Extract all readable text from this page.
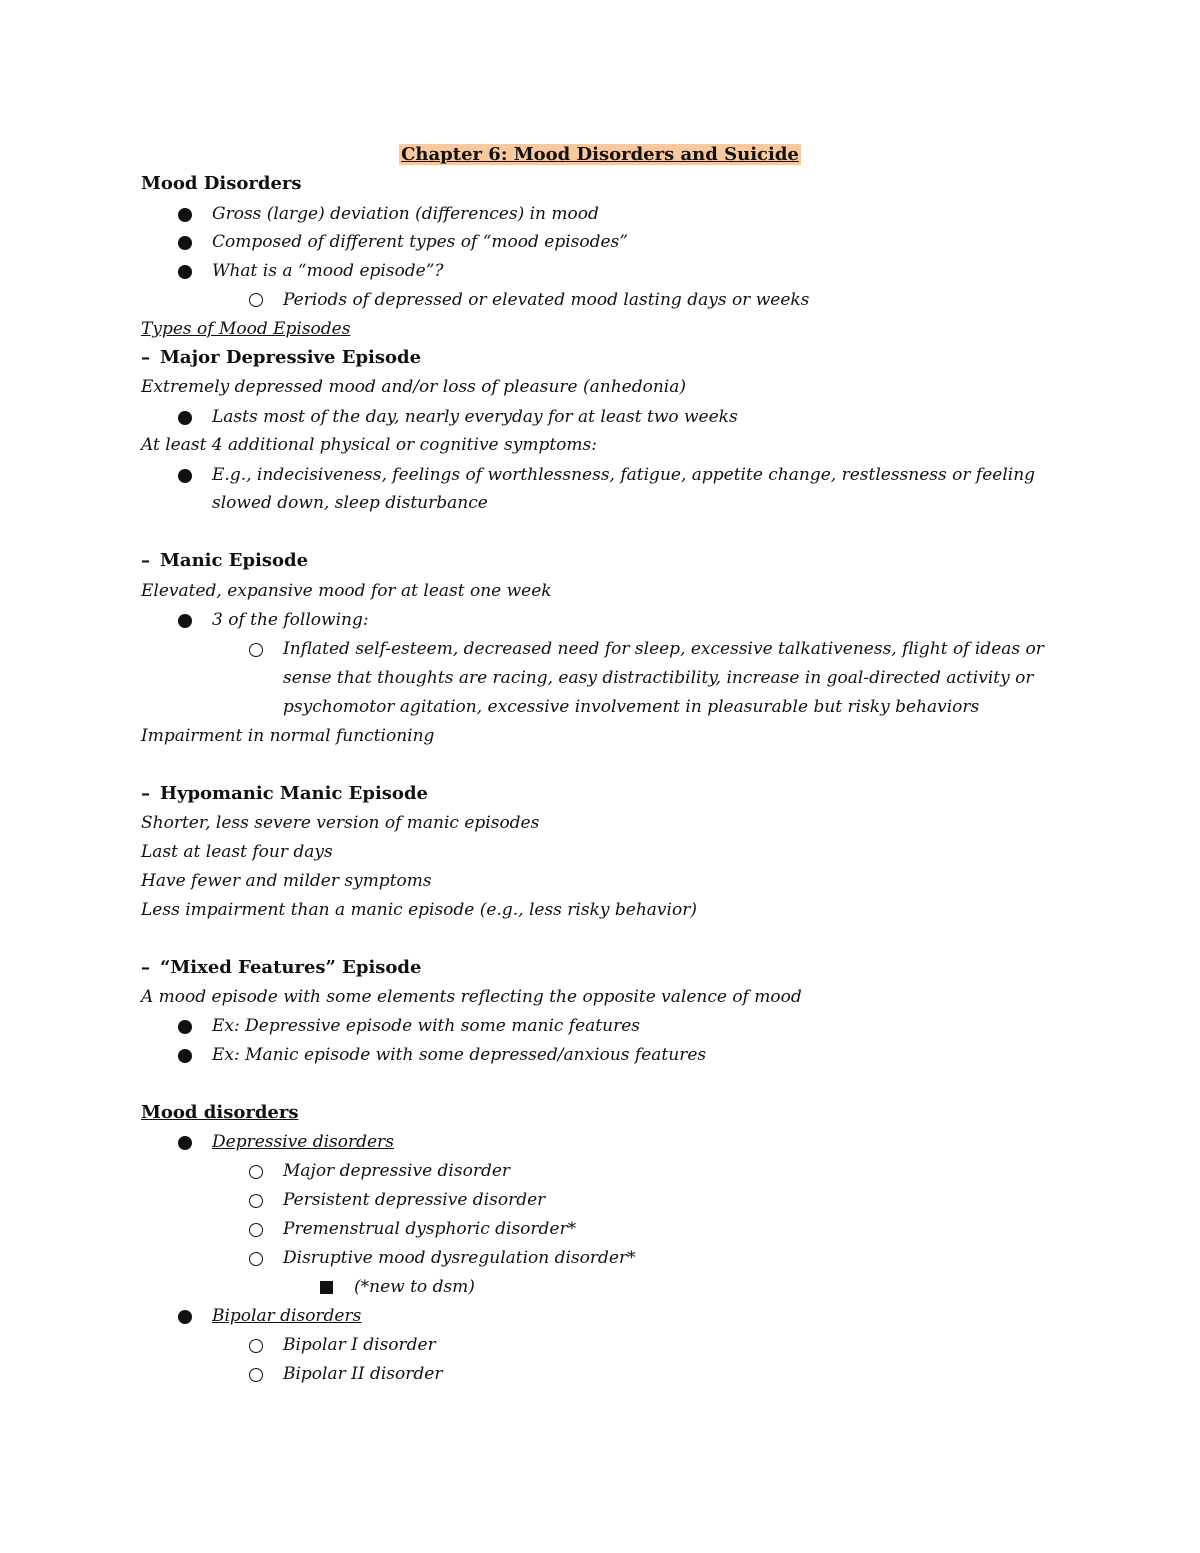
Chapter 6: Mood Disorders and Suicide
Mood Disorders
Gross (large) deviation (differences) in mood
Composed of different types of “mood episodes”
What is a “mood episode”?
Periods of depressed or elevated mood lasting days or weeks
Types of Mood Episodes
– Major Depressive Episode
Extremely depressed mood and/or loss of pleasure (anhedonia)
Lasts most of the day, nearly everyday for at least two weeks
At least 4 additional physical or cognitive symptoms:
E.g., indecisiveness, feelings of worthlessness, fatigue, appetite change, restlessness or feeling
slowed down, sleep disturbance
– Manic Episode
Elevated, expansive mood for at least one week
3 of the following:
Inflated self-esteem, decreased need for sleep, excessive talkativeness, flight of ideas or
sense that thoughts are racing, easy distractibility, increase in goal-directed activity or
psychomotor agitation, excessive involvement in pleasurable but risky behaviors
Impairment in normal functioning
– Hypomanic Manic Episode
Shorter, less severe version of manic episodes
Last at least four days
Have fewer and milder symptoms
Less impairment than a manic episode (e.g., less risky behavior)
– “Mixed Features” Episode
A mood episode with some elements reflecting the opposite valence of mood
Ex: Depressive episode with some manic features
Ex: Manic episode with some depressed/anxious features
Mood disorders
Depressive disorders
Major depressive disorder
Persistent depressive disorder
Premenstrual dysphoric disorder*
Disruptive mood dysregulation disorder*
(*new to dsm)
Bipolar disorders
Bipolar I disorder
Bipolar II disorder
